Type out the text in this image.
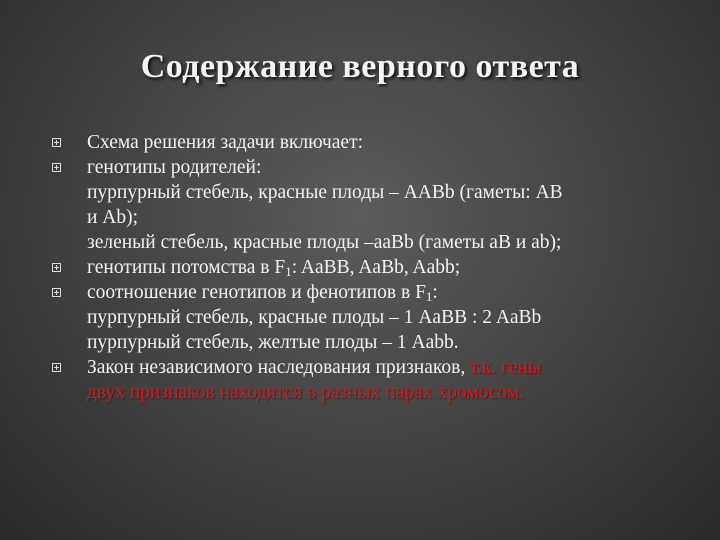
Содержание верного ответа
Схема решения задачи включает:
генотипы родителей:
пурпурный стебель, красные плоды – AABb (гаметы: AB
и Ab);
зеленый стебель, красные плоды –aaBb (гаметы aB и ab);
генотипы потомства в $F_1$: AaBB, AaBb, Aabb;
соотношение генотипов и фенотипов в $F_1$:
пурпурный стебель, красные плоды – 1 AaBB : 2 AaBb
пурпурный стебель, желтые плоды – 1 Aabb.
Закон независимого наследования признаков, т.к. гены
двух признаков находятся в разных парах хромосом.
